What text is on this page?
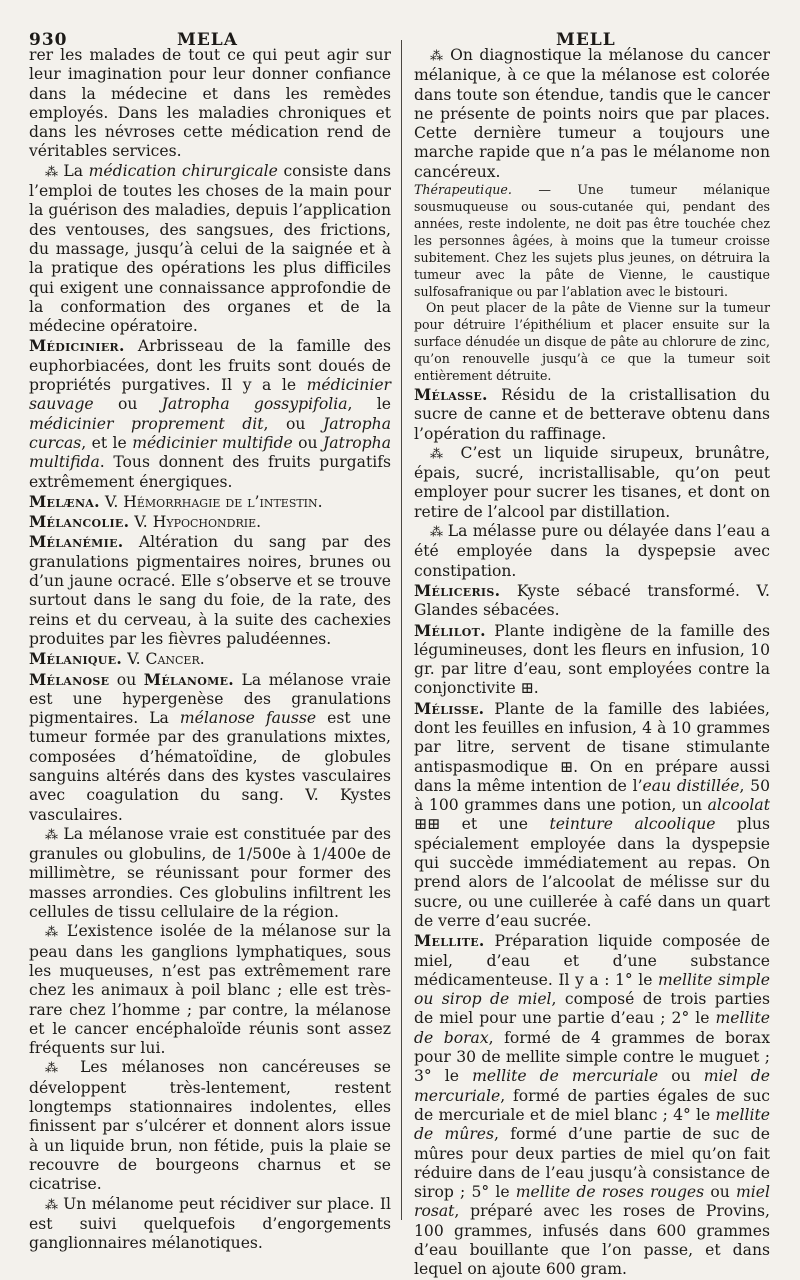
930	MELA	MELL

rer les malades de tout ce qui peut agir sur leur imagination pour leur donner confiance dans la médecine et dans les remèdes employés. Dans les maladies chroniques et dans les névroses cette médication rend de véritables services.

⁂ La médication chirurgicale consiste dans l’emploi de toutes les choses de la main pour la guérison des maladies, depuis l’application des ventouses, des sangsues, des frictions, du massage, jusqu’à celui de la saignée et à la pratique des opérations les plus difficiles qui exigent une connaissance approfondie de la conformation des organes et de la médecine opératoire.

Médicinier. Arbrisseau de la famille des euphorbiacées, dont les fruits sont doués de propriétés purgatives. Il y a le médicinier sauvage ou Jatropha gossypifolia, le médicinier proprement dit, ou Jatropha curcas, et le médicinier multifide ou Jatropha multifida. Tous donnent des fruits purgatifs extrêmement énergiques.

Melæna. V. Hémorrhagie de l’intestin.

Mélancolie. V. Hypochondrie.

Mélanémie. Altération du sang par des granulations pigmentaires noires, brunes ou d’un jaune ocracé. Elle s’observe et se trouve surtout dans le sang du foie, de la rate, des reins et du cerveau, à la suite des cachexies produites par les fièvres paludéennes.

Mélanique. V. Cancer.

Mélanose ou Mélanome. La mélanose vraie est une hypergenèse des granulations pigmentaires. La mélanose fausse est une tumeur formée par des granulations mixtes, composées d’hématoïdine, de globules sanguins altérés dans des kystes vasculaires avec coagulation du sang. V. Kystes vasculaires.

⁂ La mélanose vraie est constituée par des granules ou globulins, de 1/500e à 1/400e de millimètre, se réunissant pour former des masses arrondies. Ces globulins infiltrent les cellules de tissu cellulaire de la région.

⁂ L’existence isolée de la mélanose sur la peau dans les ganglions lymphatiques, sous les muqueuses, n’est pas extrêmement rare chez les animaux à poil blanc ; elle est très-rare chez l’homme ; par contre, la mélanose et le cancer encéphaloïde réunis sont assez fréquents sur lui.

⁂ Les mélanoses non cancéreuses se développent très-lentement, restent longtemps stationnaires indolentes, elles finissent par s’ulcérer et donnent alors issue à un liquide brun, non fétide, puis la plaie se recouvre de bourgeons charnus et se cicatrise.

⁂ Un mélanome peut récidiver sur place. Il est suivi quelquefois d’engorgements ganglionnaires mélanotiques.

⁂ On diagnostique la mélanose du cancer mélanique, à ce que la mélanose est colorée dans toute son étendue, tandis que le cancer ne présente de points noirs que par places. Cette dernière tumeur a toujours une marche rapide que n’a pas le mélanome non cancéreux.

Thérapeutique. — Une tumeur mélanique sousmuqueuse ou sous-cutanée qui, pendant des années, reste indolente, ne doit pas être touchée chez les personnes âgées, à moins que la tumeur croisse subitement. Chez les sujets plus jeunes, on détruira la tumeur avec la pâte de Vienne, le caustique sulfosafranique ou par l’ablation avec le bistouri.

On peut placer de la pâte de Vienne sur la tumeur pour détruire l’épithélium et placer ensuite sur la surface dénudée un disque de pâte au chlorure de zinc, qu’on renouvelle jusqu’à ce que la tumeur soit entièrement détruite.

Mélasse. Résidu de la cristallisation du sucre de canne et de betterave obtenu dans l’opération du raffinage.

⁂ C’est un liquide sirupeux, brunâtre, épais, sucré, incristallisable, qu’on peut employer pour sucrer les tisanes, et dont on retire de l’alcool par distillation.

⁂ La mélasse pure ou délayée dans l’eau a été employée dans la dyspepsie avec constipation.

Méliceris. Kyste sébacé transformé. V. Glandes sébacées.

Mélilot. Plante indigène de la famille des légumineuses, dont les fleurs en infusion, 10 gr. par litre d’eau, sont employées contre la conjonctivite ⊞.

Mélisse. Plante de la famille des labiées, dont les feuilles en infusion, 4 à 10 grammes par litre, servent de tisane stimulante antispasmodique ⊞. On en prépare aussi dans la même intention de l’eau distillée, 50 à 100 grammes dans une potion, un alcoolat ⊞⊞ et une teinture alcoolique plus spécialement employée dans la dyspepsie qui succède immédiatement au repas. On prend alors de l’alcoolat de mélisse sur du sucre, ou une cuillerée à café dans un quart de verre d’eau sucrée.

Mellite. Préparation liquide composée de miel, d’eau et d’une substance médicamenteuse. Il y a : 1° le mellite simple ou sirop de miel, composé de trois parties de miel pour une partie d’eau ; 2° le mellite de borax, formé de 4 grammes de borax pour 30 de mellite simple contre le muguet ; 3° le mellite de mercuriale ou miel de mercuriale, formé de parties égales de suc de mercuriale et de miel blanc ; 4° le mellite de mûres, formé d’une partie de suc de mûres pour deux parties de miel qu’on fait réduire dans de l’eau jusqu’à consistance de sirop ; 5° le mellite de roses rouges ou miel rosat, préparé avec les roses de Provins, 100 grammes, infusés dans 600 grammes d’eau bouillante que l’on passe, et dans lequel on ajoute 600 gram.
